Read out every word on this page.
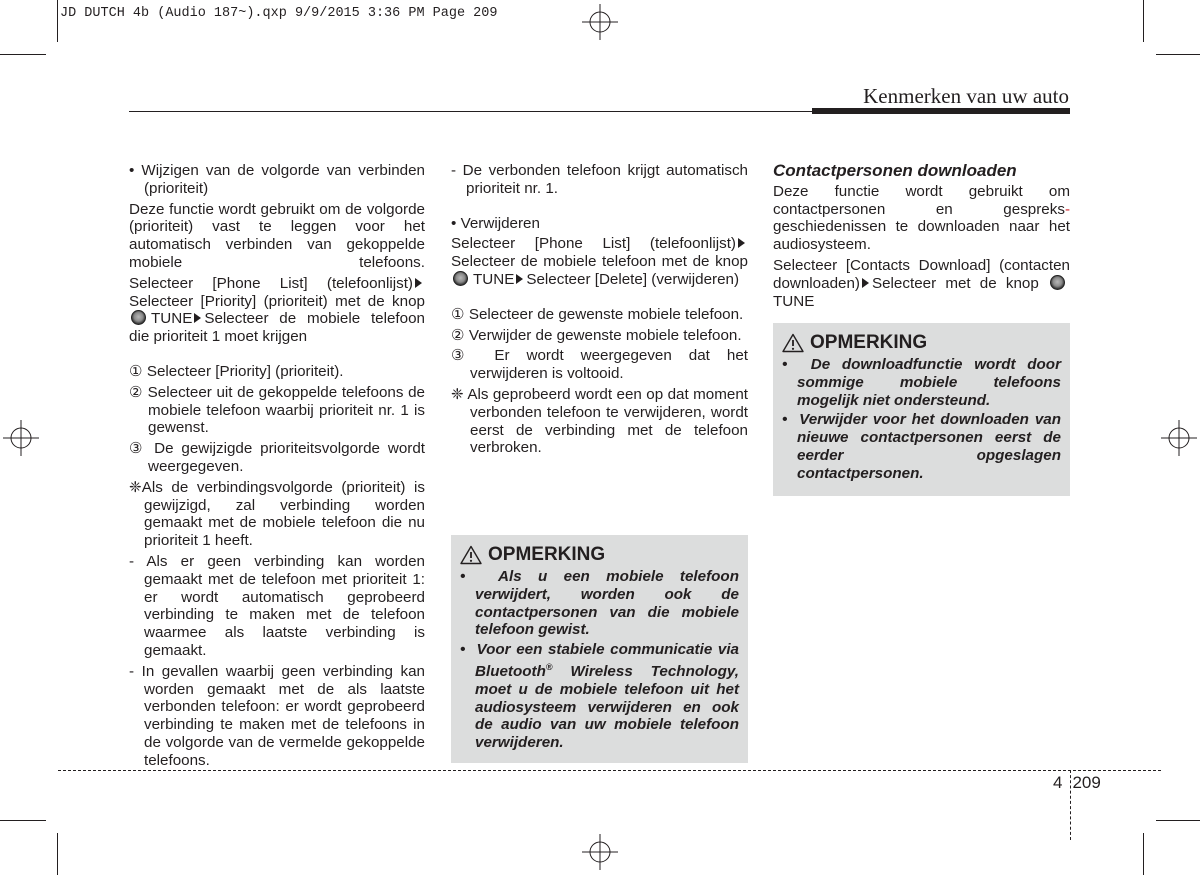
JD DUTCH 4b (Audio 187~).qxp 9/9/2015 3:36 PM Page 209
Kenmerken van uw auto

• Wijzigen van de volgorde van verbinden (prioriteit)

Deze functie wordt gebruikt om de volgorde (prioriteit) vast te leggen voor het automatisch verbinden van gekoppelde mobiele telefoons.

Selecteer [Phone List] (telefoonlijst) Selecteer [Priority] (prioriteit) met de knop TUNE Selecteer de mobiele telefoon die prioriteit 1 moet krijgen

① Selecteer [Priority] (prioriteit).

② Selecteer uit de gekoppelde telefoons de mobiele telefoon waarbij prioriteit nr. 1 is gewenst.

③ De gewijzigde prioriteitsvolgorde wordt weergegeven.

❈Als de verbindingsvolgorde (prioriteit) is gewijzigd, zal verbinding worden gemaakt met de mobiele telefoon die nu prioriteit 1 heeft.

- Als er geen verbinding kan worden gemaakt met de telefoon met prioriteit 1: er wordt automatisch geprobeerd verbinding te maken met de telefoon waarmee als laatste verbinding is gemaakt.

- In gevallen waarbij geen verbinding kan worden gemaakt met de als laatste verbonden telefoon: er wordt geprobeerd verbinding te maken met de telefoons in de volgorde van de vermelde gekoppelde telefoons.

- De verbonden telefoon krijgt automatisch prioriteit nr. 1.

• Verwijderen

Selecteer [Phone List] (telefoonlijst) Selecteer de mobiele telefoon met de knop TUNE Selecteer [Delete] (verwijderen)

① Selecteer de gewenste mobiele telefoon.

② Verwijder de gewenste mobiele telefoon.

③ Er wordt weergegeven dat het verwijderen is voltooid.

❈ Als geprobeerd wordt een op dat moment verbonden telefoon te verwijderen, wordt eerst de verbinding met de telefoon verbroken.

OPMERKING

•  Als u een mobiele telefoon verwijdert, worden ook de contactpersonen van die mobiele telefoon gewist.

•  Voor een stabiele communicatie via Bluetooth® Wireless Technology, moet u de mobiele telefoon uit het audiosysteem verwijderen en ook de audio van uw mobiele telefoon verwijderen.

Contactpersonen downloaden

Deze functie wordt gebruikt om contactpersonen en gespreks- geschiedenissen te downloaden naar het audiosysteem.

Selecteer [Contacts Download] (contacten downloaden) Selecteer met de knop TUNE

OPMERKING

•  De downloadfunctie wordt door sommige mobiele telefoons mogelijk niet ondersteund.

•  Verwijder voor het downloaden van nieuwe contactpersonen eerst de eerder opgeslagen contactpersonen.

4 209
